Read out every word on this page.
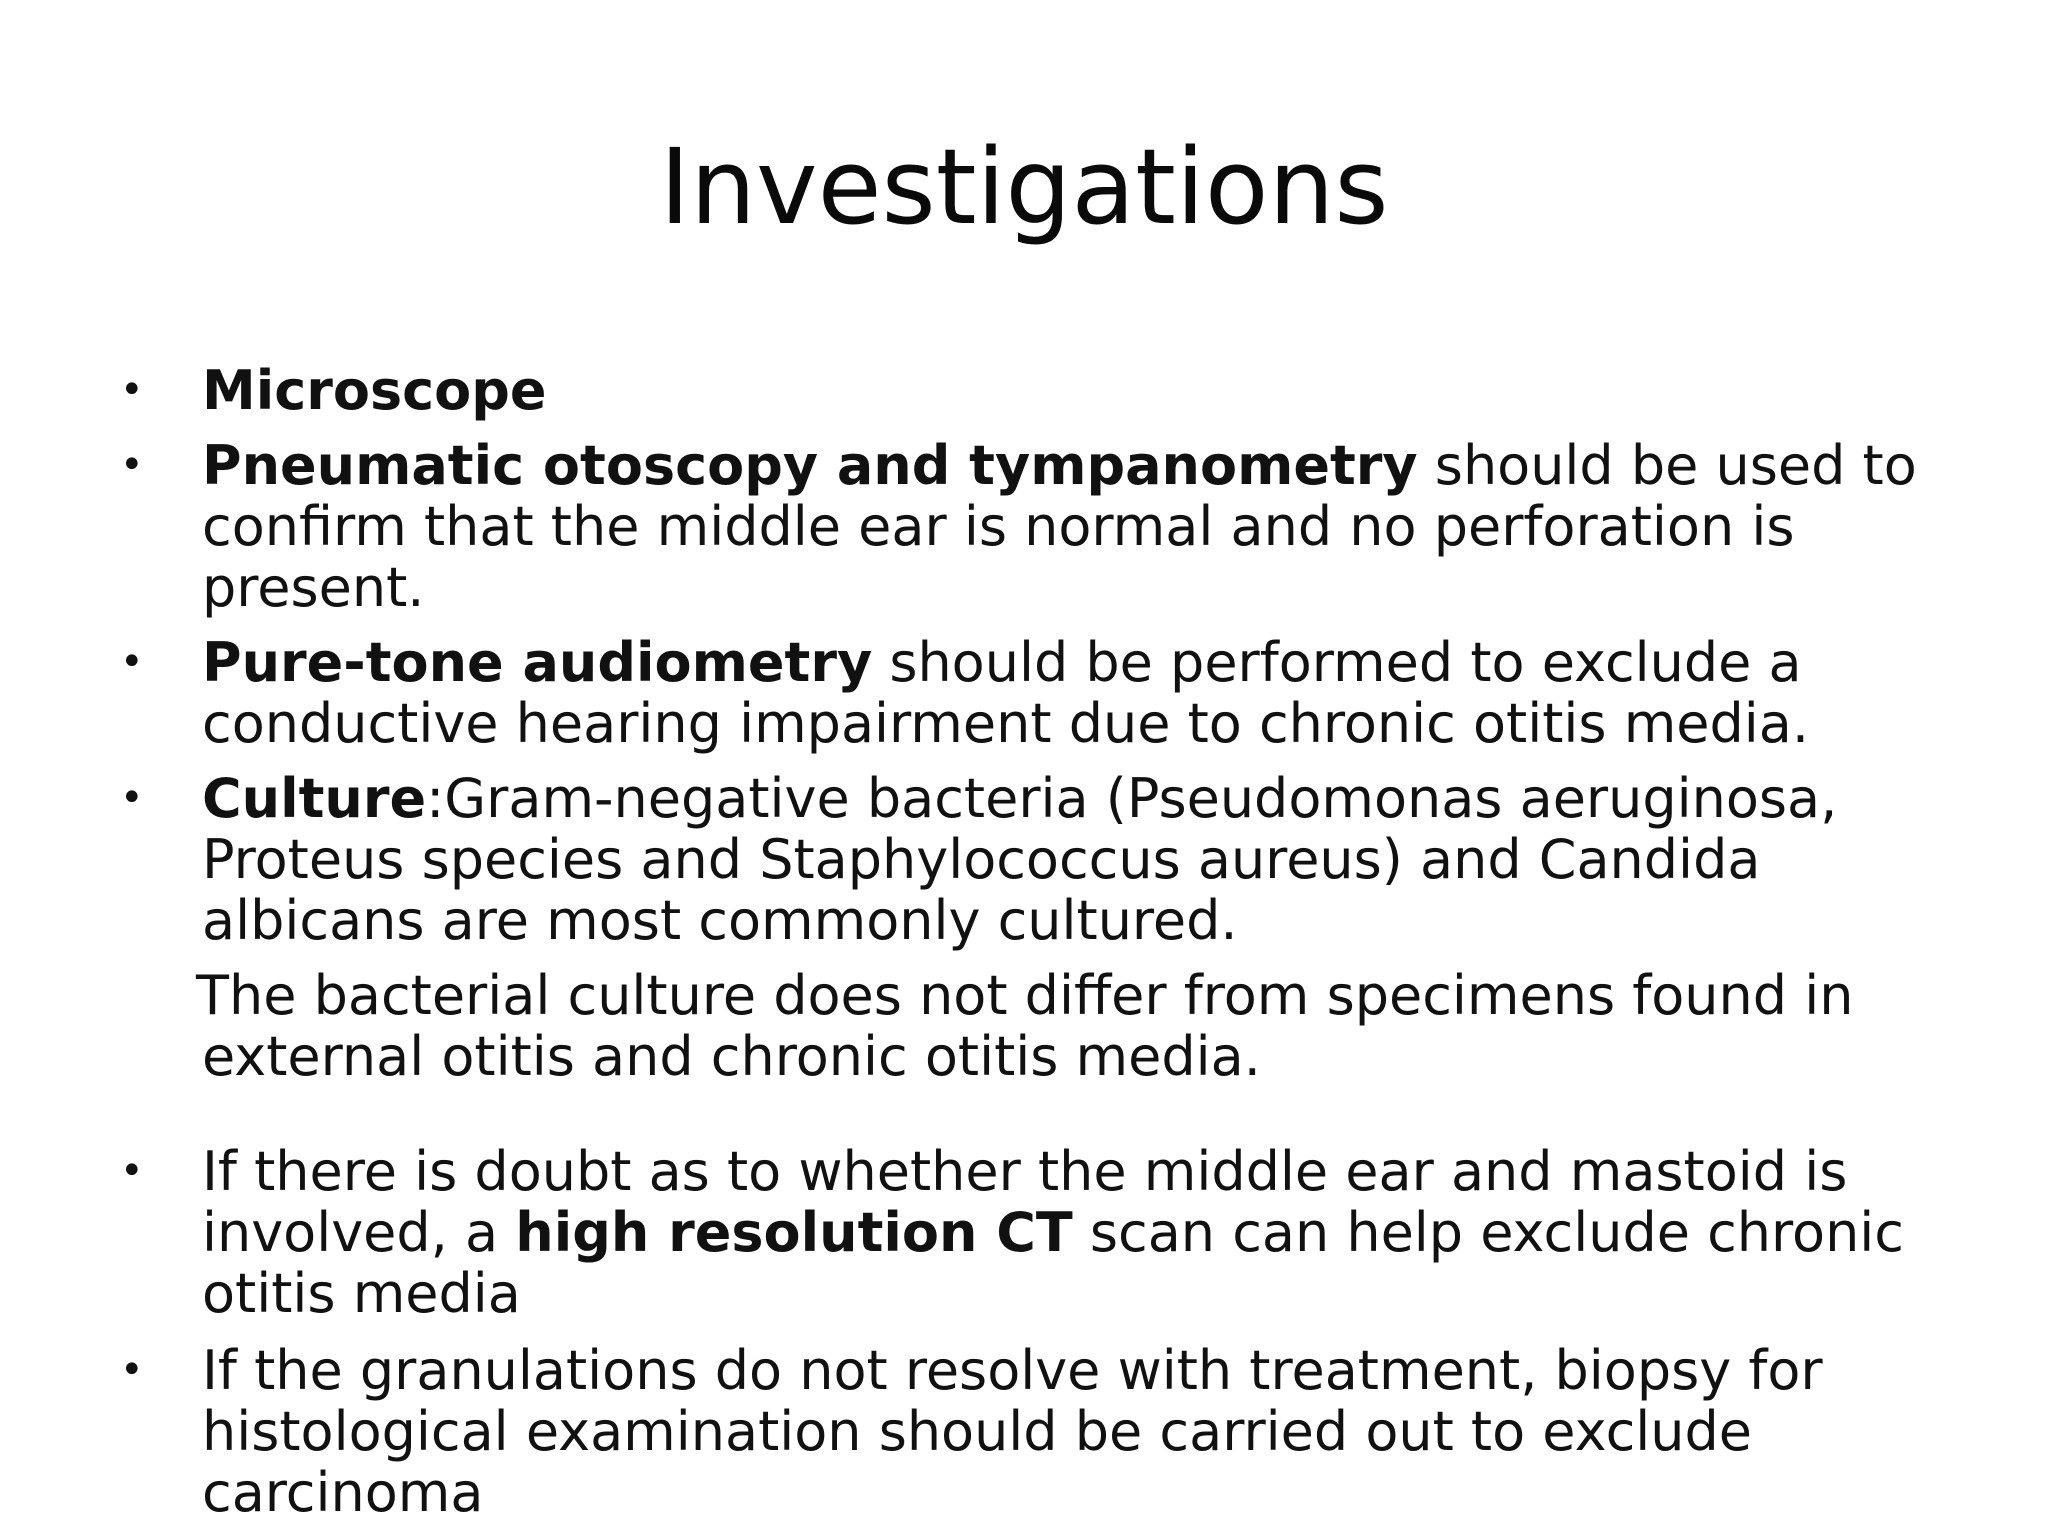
Investigations

•	Microscope

•	Pneumatic otoscopy and tympanometry should be used to confirm that the middle ear is normal and no perforation is present.

•	Pure-tone audiometry should be performed to exclude a conductive hearing impairment due to chronic otitis media.

•	Culture:Gram-negative bacteria (Pseudomonas aeruginosa, Proteus species and Staphylococcus aureus) and Candida albicans are most commonly cultured.

The bacterial culture does not differ from specimens found in
external otitis and chronic otitis media.

•	If there is doubt as to whether the middle ear and mastoid is involved, a high resolution CT scan can help exclude chronic otitis media

•	If the granulations do not resolve with treatment, biopsy for histological examination should be carried out to exclude carcinoma
